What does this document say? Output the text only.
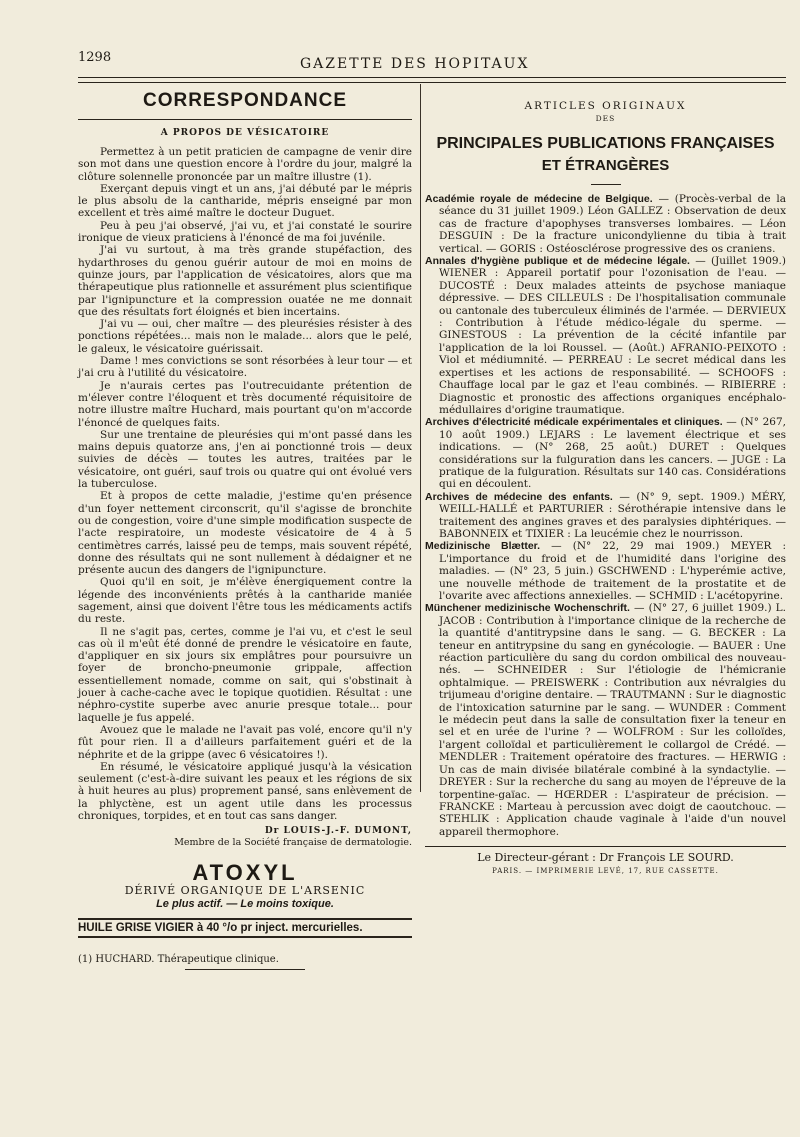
1298	GAZETTE DES HOPITAUX
CORRESPONDANCE
A PROPOS DE VÉSICATOIRE

Permettez à un petit praticien de campagne de venir dire son mot dans une question encore à l'ordre du jour, malgré la clôture solennelle prononcée par un maître illustre (1).

Exerçant depuis vingt et un ans, j'ai débuté par le mépris le plus absolu de la cantharide, mépris enseigné par mon excellent et très aimé maître le docteur Duguet.

Peu à peu j'ai observé, j'ai vu, et j'ai constaté le sourire ironique de vieux praticiens à l'énoncé de ma foi juvénile.

J'ai vu surtout, à ma très grande stupéfaction, des hydarthroses du genou guérir autour de moi en moins de quinze jours, par l'application de vésicatoires, alors que ma thérapeutique plus rationnelle et assurément plus scientifique par l'ignipuncture et la compression ouatée ne me donnait que des résultats fort éloignés et bien incertains.

J'ai vu — oui, cher maître — des pleurésies résister à des ponctions répétées... mais non le malade... alors que le pelé, le galeux, le vésicatoire guérissait.

Dame ! mes convictions se sont résorbées à leur tour — et j'ai cru à l'utilité du vésicatoire.

Je n'aurais certes pas l'outrecuidante prétention de m'élever contre l'éloquent et très documenté réquisitoire de notre illustre maître Huchard, mais pourtant qu'on m'accorde l'énoncé de quelques faits.

Sur une trentaine de pleurésies qui m'ont passé dans les mains depuis quatorze ans, j'en ai ponctionné trois — deux suivies de décès — toutes les autres, traitées par le vésicatoire, ont guéri, sauf trois ou quatre qui ont évolué vers la tuberculose.

Et à propos de cette maladie, j'estime qu'en présence d'un foyer nettement circonscrit, qu'il s'agisse de bronchite ou de congestion, voire d'une simple modification suspecte de l'acte respiratoire, un modeste vésicatoire de 4 à 5 centimètres carrés, laissé peu de temps, mais souvent répété, donne des résultats qui ne sont nullement à dédaigner et ne présente aucun des dangers de l'ignipuncture.

Quoi qu'il en soit, je m'élève énergiquement contre la légende des inconvénients prêtés à la cantharide maniée sagement, ainsi que doivent l'être tous les médicaments actifs du reste.

Il ne s'agit pas, certes, comme je l'ai vu, et c'est le seul cas où il m'eût été donné de prendre le vésicatoire en faute, d'appliquer en six jours six emplâtres pour poursuivre un foyer de broncho-pneumonie grippale, affection essentiellement nomade, comme on sait, qui s'obstinait à jouer à cache-cache avec le topique quotidien. Résultat : une néphro-cystite superbe avec anurie presque totale... pour laquelle je fus appelé.

Avouez que le malade ne l'avait pas volé, encore qu'il n'y fût pour rien. Il a d'ailleurs parfaitement guéri et de la néphrite et de la grippe (avec 6 vésicatoires !).

En résumé, le vésicatoire appliqué jusqu'à la vésication seulement (c'est-à-dire suivant les peaux et les régions de six à huit heures au plus) proprement pansé, sans enlèvement de la phlyctène, est un agent utile dans les processus chroniques, torpides, et en tout cas sans danger.

Dr LOUIS-J.-F. DUMONT,
Membre de la Société française de dermatologie.
ATOXYL
DÉRIVÉ ORGANIQUE DE L'ARSENIC
Le plus actif. — Le moins toxique.
HUILE GRISE VIGIER à 40 °/o pr inject. mercurielles.
(1) HUCHARD. Thérapeutique clinique.
ARTICLES ORIGINAUX
DES
PRINCIPALES PUBLICATIONS FRANÇAISES
ET ÉTRANGÈRES

Académie royale de médecine de Belgique. — (Procès-verbal de la séance du 31 juillet 1909.) Léon GALLEZ : Observation de deux cas de fracture d'apophyses transverses lombaires. — Léon DESGUIN : De la fracture unicondylienne du tibia à trait vertical. — GORIS : Ostéosclérose progressive des os craniens.

Annales d'hygiène publique et de médecine légale. — (Juillet 1909.) WIENER : Appareil portatif pour l'ozonisation de l'eau. — DUCOSTÉ : Deux malades atteints de psychose maniaque dépressive. — DES CILLEULS : De l'hospitalisation communale ou cantonale des tuberculeux éliminés de l'armée. — DERVIEUX : Contribution à l'étude médico-légale du sperme. — GINESTOUS : La prévention de la cécité infantile par l'application de la loi Roussel. — (Août.) AFRANIO-PEIXOTO : Viol et médiumnité. — PERREAU : Le secret médical dans les expertises et les actions de responsabilité. — SCHOOFS : Chauffage local par le gaz et l'eau combinés. — RIBIERRE : Diagnostic et pronostic des affections organiques encéphalo-médullaires d'origine traumatique.

Archives d'électricité médicale expérimentales et cliniques. — (N° 267, 10 août 1909.) LEJARS : Le lavement électrique et ses indications. — (N° 268, 25 août.) DURET : Quelques considérations sur la fulguration dans les cancers. — JUGE : La pratique de la fulguration. Résultats sur 140 cas. Considérations qui en découlent.

Archives de médecine des enfants. — (N° 9, sept. 1909.) MÉRY, WEILL-HALLÉ et PARTURIER : Sérothérapie intensive dans le traitement des angines graves et des paralysies diphtériques. — BABONNEIX et TIXIER : La leucémie chez le nourrisson.

Medizinische Blætter. — (N° 22, 29 mai 1909.) MEYER : L'importance du froid et de l'humidité dans l'origine des maladies. — (N° 23, 5 juin.) GSCHWEND : L'hyperémie active, une nouvelle méthode de traitement de la prostatite et de l'ovarite avec affections annexielles. — SCHMID : L'acétopyrine.

Münchener medizinische Wochenschrift. — (N° 27, 6 juillet 1909.) L. JACOB : Contribution à l'importance clinique de la recherche de la quantité d'antitrypsine dans le sang. — G. BECKER : La teneur en antitrypsine du sang en gynécologie. — BAUER : Une réaction particulière du sang du cordon ombilical des nouveau-nés. — SCHNEIDER : Sur l'étiologie de l'hémicranie ophtalmique. — PREISWERK : Contribution aux névralgies du trijumeau d'origine dentaire. — TRAUTMANN : Sur le diagnostic de l'intoxication saturnine par le sang. — WUNDER : Comment le médecin peut dans la salle de consultation fixer la teneur en sel et en urée de l'urine ? — WOLFROM : Sur les colloïdes, l'argent colloïdal et particulièrement le collargol de Crédé. — MENDLER : Traitement opératoire des fractures. — HERWIG : Un cas de main divisée bilatérale combiné à la syndactylie. — DREYER : Sur la recherche du sang au moyen de l'épreuve de la torpentine-gaïac. — HŒRDER : L'aspirateur de précision. — FRANCKE : Marteau à percussion avec doigt de caoutchouc. — STEHLIK : Application chaude vaginale à l'aide d'un nouvel appareil thermophore.

Le Directeur-gérant : Dr François LE SOURD.
PARIS. — IMPRIMERIE LEVÉ, 17, RUE CASSETTE.
